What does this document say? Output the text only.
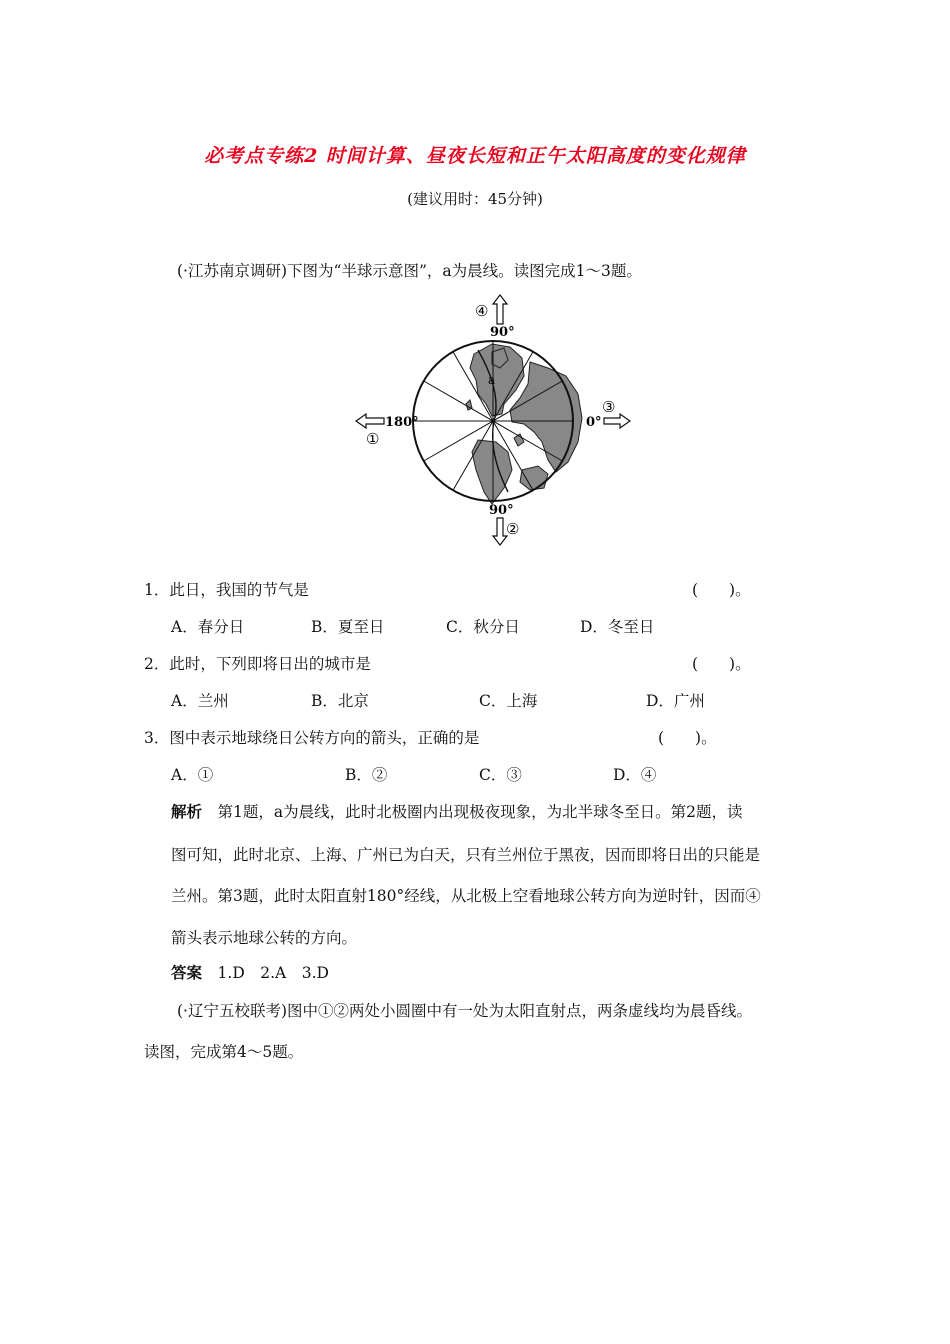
必考点专练2 时间计算、昼夜长短和正午太阳高度的变化规律
(建议用时：45分钟)
(·江苏南京调研)下图为“半球示意图”，a为晨线。读图完成1～3题。
a
④
90°
90°
②
180°
①
0°
③
1．此日，我国的节气是	(　　)。
A．春分日	B．夏至日	C．秋分日	D．冬至日
2．此时，下列即将日出的城市是	(　　)。
A．兰州	B．北京	C．上海	D．广州
3．图中表示地球绕日公转方向的箭头，正确的是	(　　)。
A．①	B．②	C．③	D．④
解析　 第1题，a为晨线，此时北极圈内出现极夜现象，为北半球冬至日。第2题，读
图可知，此时北京、上海、广州已为白天，只有兰州位于黑夜，因而即将日出的只能是
兰州。第3题，此时太阳直射180°经线，从北极上空看地球公转方向为逆时针，因而④
箭头表示地球公转的方向。
答案　 1.D　2.A　3.D
(·辽宁五校联考)图中①②两处小圆圈中有一处为太阳直射点，两条虚线均为晨昏线。
读图，完成第4～5题。
